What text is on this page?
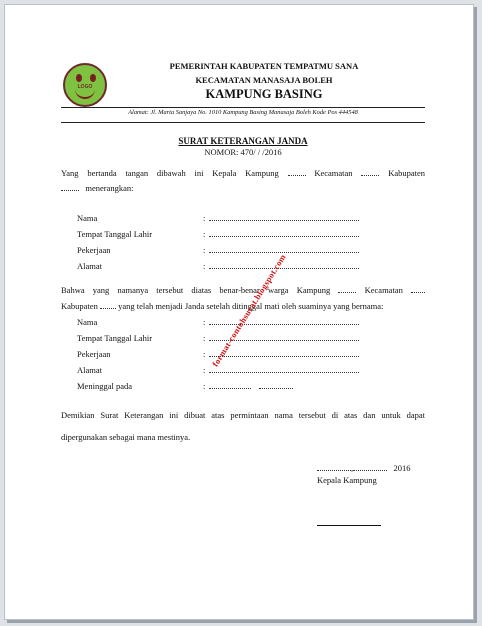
LOGO
PEMERINTAH KABUPATEN TEMPATMU SANA
KECAMATAN MANASAJA BOLEH
KAMPUNG BASING
Alamat: Jl. Marta Sanjaya No. 1010 Kampung Basing Manasaja Boleh Kode Pos 444548
SURAT KETERANGAN JANDA
NOMOR: 470/ / /2016
Yang bertanda tangan dibawah ini Kepala Kampung	Kecamatan	Kabupaten
menerangkan:
Nama	:
Tempat Tanggal Lahir	:
Pekerjaan	:
Alamat	:
Bahwa yang namanya tersebut diatas benar-benar warga Kampung	Kecamatan
Kabupaten yang telah menjadi Janda setelah ditinggal mati oleh suaminya yang bernama:
Nama	:
Tempat Tanggal Lahir	:
Pekerjaan	:
Alamat	:
Meninggal pada	:
Demikian Surat Keterangan ini dibuat atas permintaan nama tersebut di atas dan untuk dapat
dipergunakan sebagai mana mestinya.
,	2016
Kepala Kampung
format-contohsurat.blogspot.com
